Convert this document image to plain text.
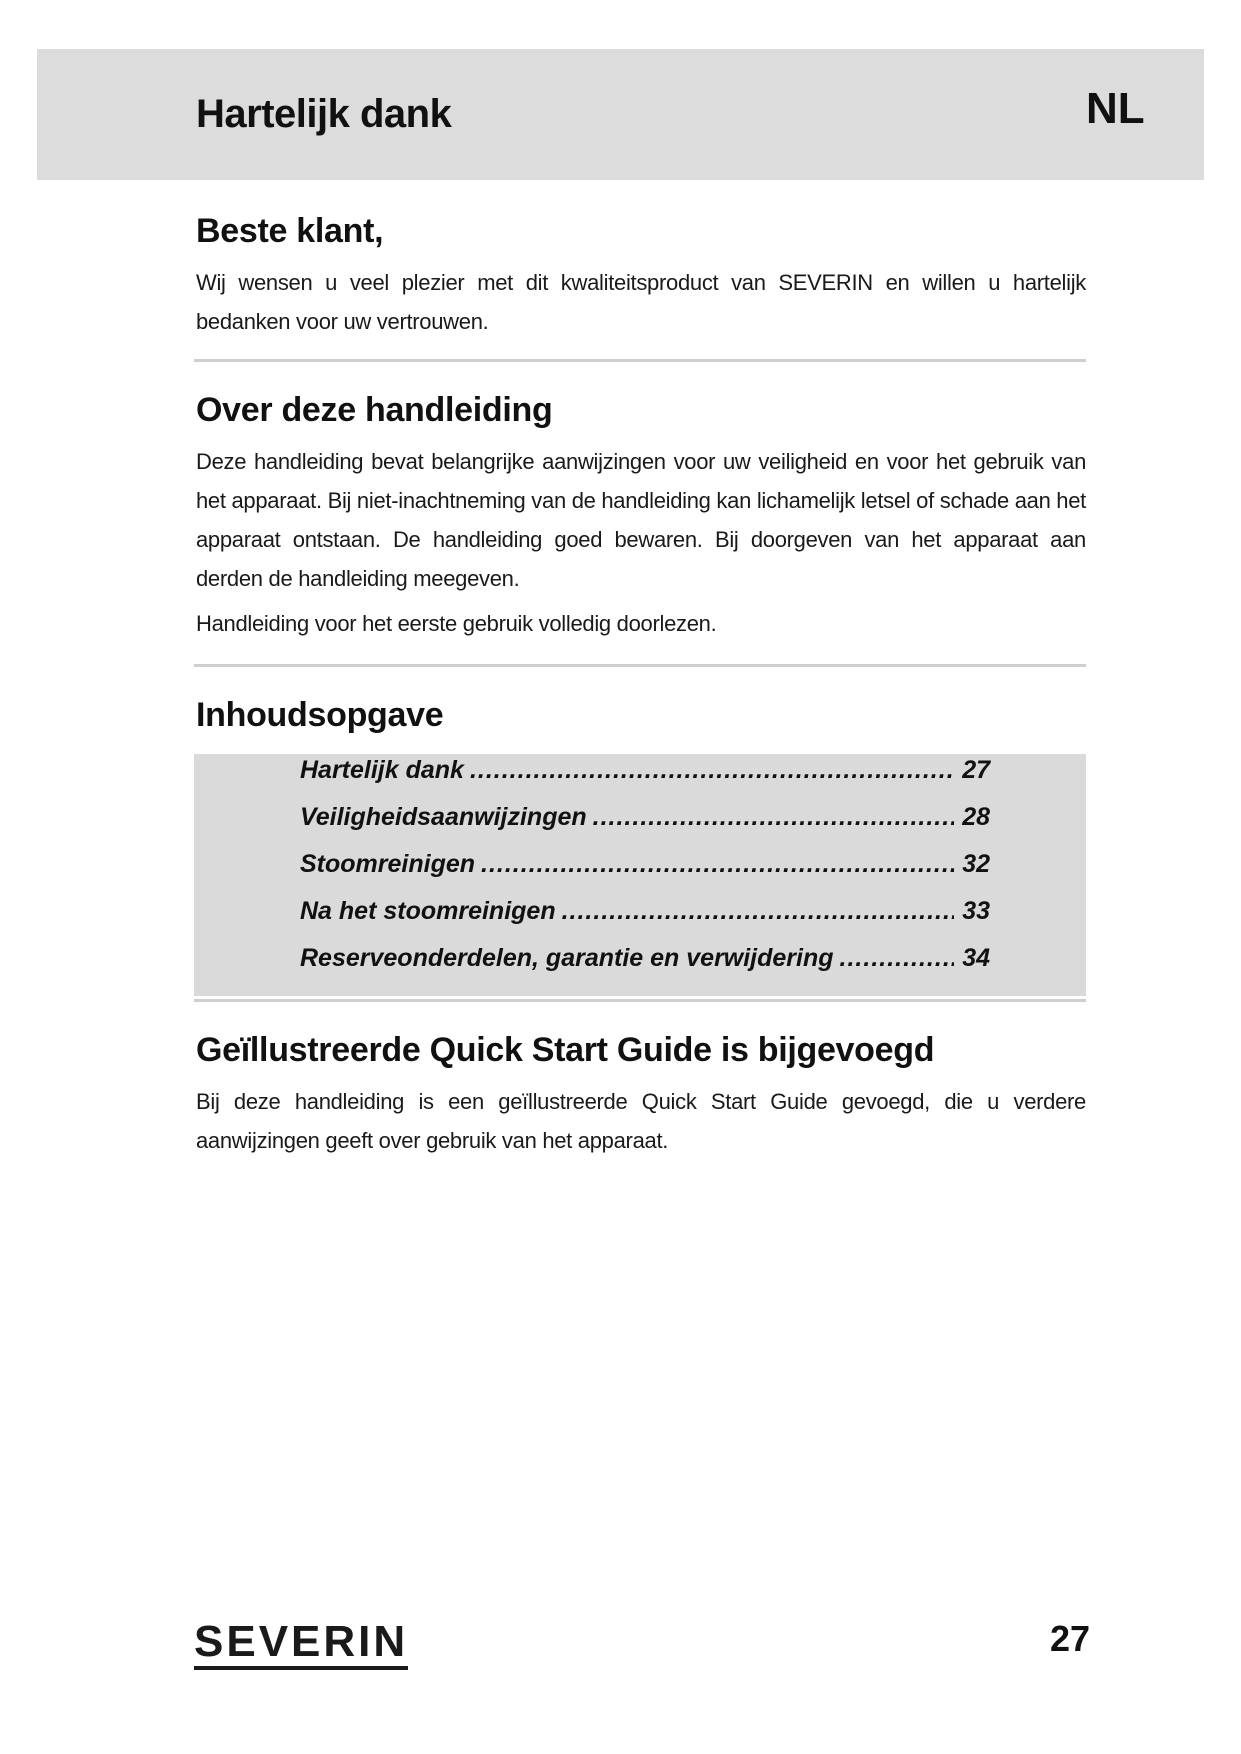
Hartelijk dank	NL
Beste klant,

Wij wensen u veel plezier met dit kwaliteitsproduct van SEVERIN en willen u hartelijk bedanken voor uw vertrouwen.

Over deze handleiding

Deze handleiding bevat belangrijke aanwijzingen voor uw veiligheid en voor het gebruik van het apparaat. Bij niet-inachtneming van de handleiding kan lichamelijk letsel of schade aan het apparaat ontstaan. De handleiding goed bewaren. Bij doorgeven van het apparaat aan derden de handleiding meegeven.

Handleiding voor het eerste gebruik volledig doorlezen.

Inhoudsopgave
Hartelijk dank .....	27
Veiligheidsaanwijzingen .....	28
Stoomreinigen .....	32
Na het stoomreinigen .....	33
Reserveonderdelen, garantie en verwijdering .....	34
Geïllustreerde Quick Start Guide is bijgevoegd

Bij deze handleiding is een geïllustreerde Quick Start Guide gevoegd, die u verdere aanwijzingen geeft over gebruik van het apparaat.

SEVERIN	27
